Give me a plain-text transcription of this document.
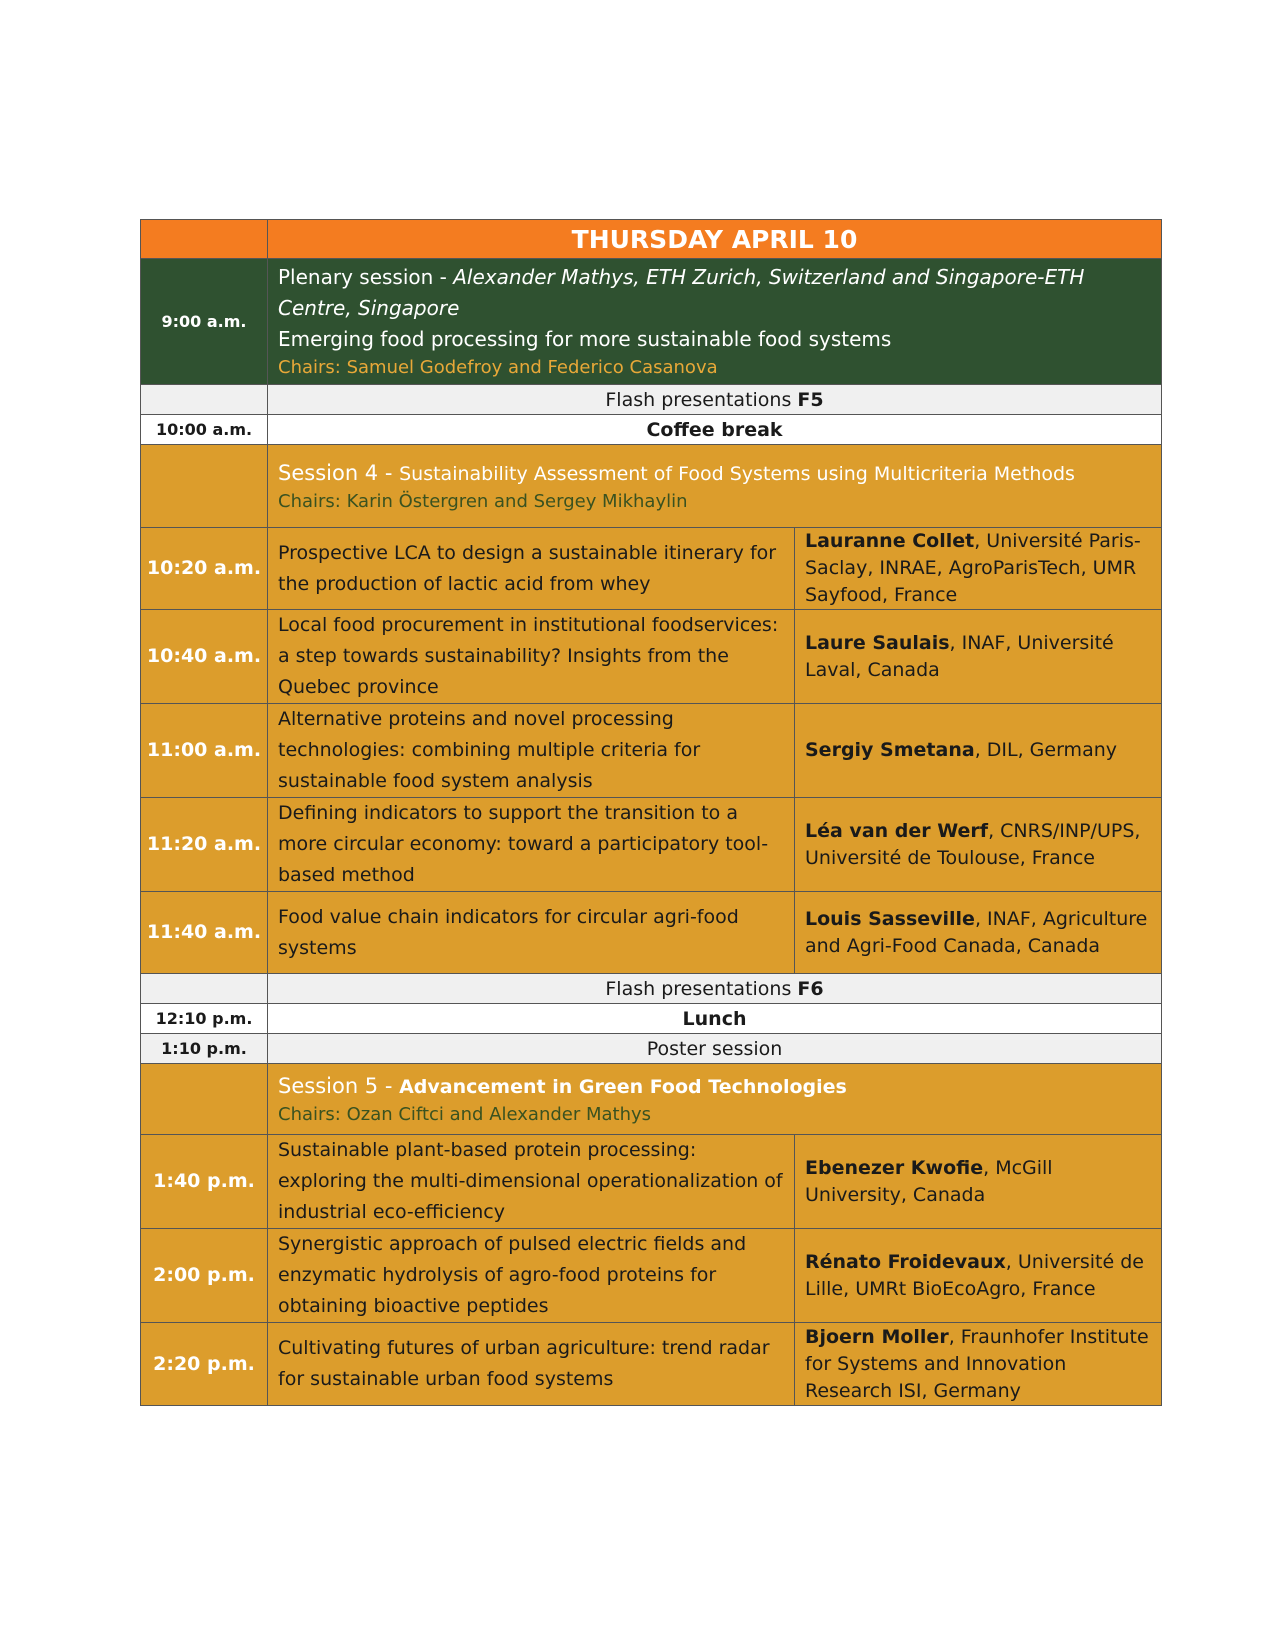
	THURSDAY APRIL 10	
9:00 a.m.	Plenary session - Alexander Mathys, ETH Zurich, Switzerland and Singapore-ETH Centre, Singapore
Emerging food processing for more sustainable food systems
Chairs: Samuel Godefroy and Federico Casanova	

	Flash presentations F5	
10:00 a.m.	Coffee break	

	Session 4 - Sustainability Assessment of Food Systems using Multicriteria Methods
Chairs: Karin Östergren and Sergey Mikhaylin	

10:20 a.m.	Prospective LCA to design a sustainable itinerary for the production of lactic acid from whey	Lauranne Collet, Université Paris-Saclay, INRAE, AgroParisTech, UMR Sayfood, France
10:40 a.m.	Local food procurement in institutional foodservices: a step towards sustainability? Insights from the Quebec province	Laure Saulais, INAF, Université Laval, Canada
11:00 a.m.	Alternative proteins and novel processing technologies: combining multiple criteria for sustainable food system analysis	Sergiy Smetana, DIL, Germany
11:20 a.m.	Defining indicators to support the transition to a more circular economy: toward a participatory tool-based method	Léa van der Werf, CNRS/INP/UPS, Université de Toulouse, France
11:40 a.m.	Food value chain indicators for circular agri-food systems	Louis Sasseville, INAF, Agriculture and Agri-Food Canada, Canada
	Flash presentations F6	
12:10 p.m.	Lunch	
1:10 p.m.	Poster session	

	Session 5 - Advancement in Green Food Technologies
Chairs: Ozan Ciftci and Alexander Mathys	

1:40 p.m.	Sustainable plant-based protein processing: exploring the multi-dimensional operationalization of industrial eco-efficiency	Ebenezer Kwofie, McGill University, Canada
2:00 p.m.	Synergistic approach of pulsed electric fields and enzymatic hydrolysis of agro-food proteins for obtaining bioactive peptides	Rénato Froidevaux, Université de Lille, UMRt BioEcoAgro, France
2:20 p.m.	Cultivating futures of urban agriculture: trend radar for sustainable urban food systems	Bjoern Moller, Fraunhofer Institute for Systems and Innovation Research ISI, Germany
